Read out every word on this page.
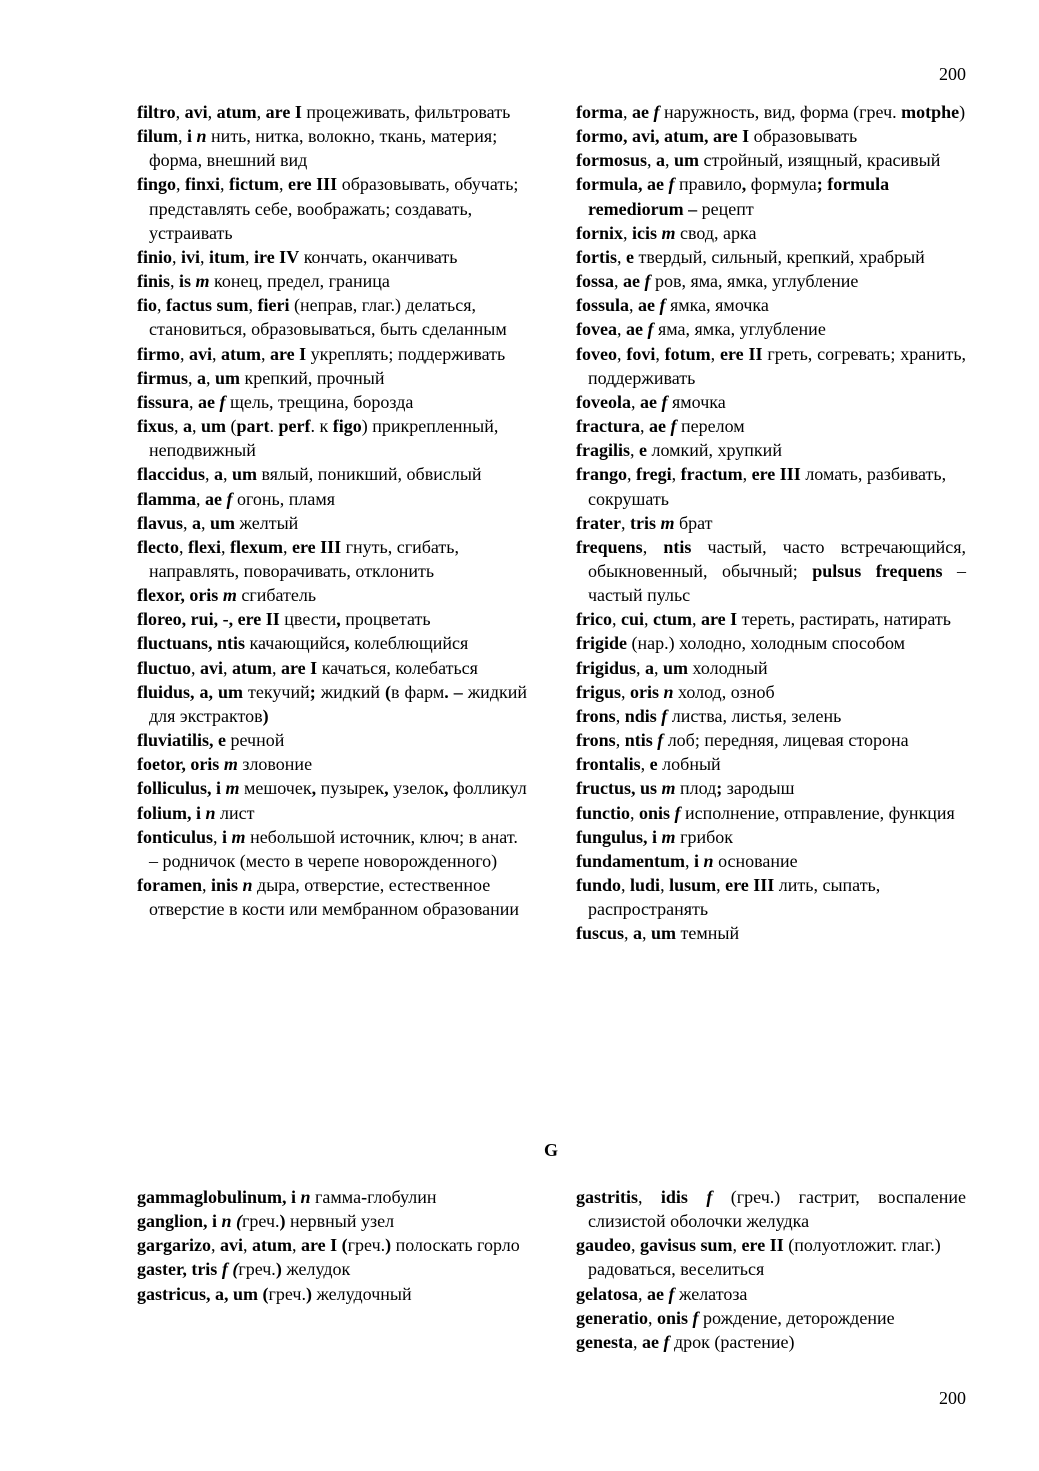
200
filtro, avi, atum, are I процеживать, фильтровать
filum, i n нить, нитка, волокно, ткань, материя; форма, внешний вид
fingo, finxi, fictum, ere III образовывать, обучать; представлять себе, воображать; создавать, устраивать
finio, ivi, itum, ire IV кончать, оканчивать
finis, is m конец, предел, граница
fio, factus sum, fieri (неправ, глаг.) делаться, становиться, образовываться, быть сделанным
firmo, avi, atum, are I укреплять; поддерживать
firmus, a, um крепкий, прочный
fissura, ae f щель, трещина, борозда
fixus, a, um (part. perf. к figo) прикрепленный, неподвижный
flaccidus, a, um вялый, поникший, обвислый
flamma, ae f огонь, пламя
flavus, a, um желтый
flecto, flexi, flexum, ere III гнуть, сгибать, направлять, поворачивать, отклонить
flexor, oris m сгибатель
floreo, rui, -, ere II цвести, процветать
fluctuans, ntis качающийся, колеблющийся
fluctuo, avi, atum, are I качаться, колебаться
fluidus, a, um текучий; жидкий (в фарм. – жидкий для экстрактов)
fluviatilis, e речной
foetor, oris m зловоние
folliculus, i m мешочек, пузырек, узелок, фолликул
folium, i n лист
fonticulus, i m небольшой источник, ключ; в анат. – родничок (место в черепе новорожденного)
foramen, inis n дыра, отверстие, естественное отверстие в кости или мембранном образовании
forma, ae f наружность, вид, форма (греч. motphe)
formo, avi, atum, are I образовывать
formosus, a, um стройный, изящный, красивый
formula, ae f правило, формула; formula remediorum – рецепт
fornix, icis m свод, арка
fortis, e твердый, сильный, крепкий, храбрый
fossa, ae f ров, яма, ямка, углубление
fossula, ae f ямка, ямочка
fovea, ae f яма, ямка, углубление
foveo, fovi, fotum, ere II греть, согревать; хранить, поддерживать
foveola, ae f ямочка
fractura, ae f перелом
fragilis, e ломкий, хрупкий
frango, fregi, fractum, ere III ломать, разбивать, сокрушать
frater, tris m брат
frequens, ntis частый, часто встречающийся, обыкновенный, обычный; pulsus frequens – частый пульс
frico, cui, ctum, are I тереть, растирать, натирать
frigide (нар.) холодно, холодным способом
frigidus, a, um холодный
frigus, oris n холод, озноб
frons, ndis f листва, листья, зелень
frons, ntis f лоб; передняя, лицевая сторона
frontalis, e лобный
fructus, us m плод; зародыш
functio, onis f исполнение, отправление, функция
fungulus, i m грибок
fundamentum, i n основание
fundo, ludi, lusum, ere III лить, сыпать, распространять
fuscus, a, um темный
G
gammaglobulinum, i n гамма-глобулин
ganglion, i n (греч.) нервный узел
gargarizo, avi, atum, are I (греч.) полоскать горло
gaster, tris f (греч.) желудок
gastricus, a, um (греч.) желудочный
gastritis, idis f (греч.) гастрит, воспаление слизистой оболочки желудка
gaudeo, gavisus sum, ere II (полуотложит. глаг.) радоваться, веселиться
gelatosa, ae f желатоза
generatio, onis f рождение, деторождение
genesta, ae f дрок (растение)
200
